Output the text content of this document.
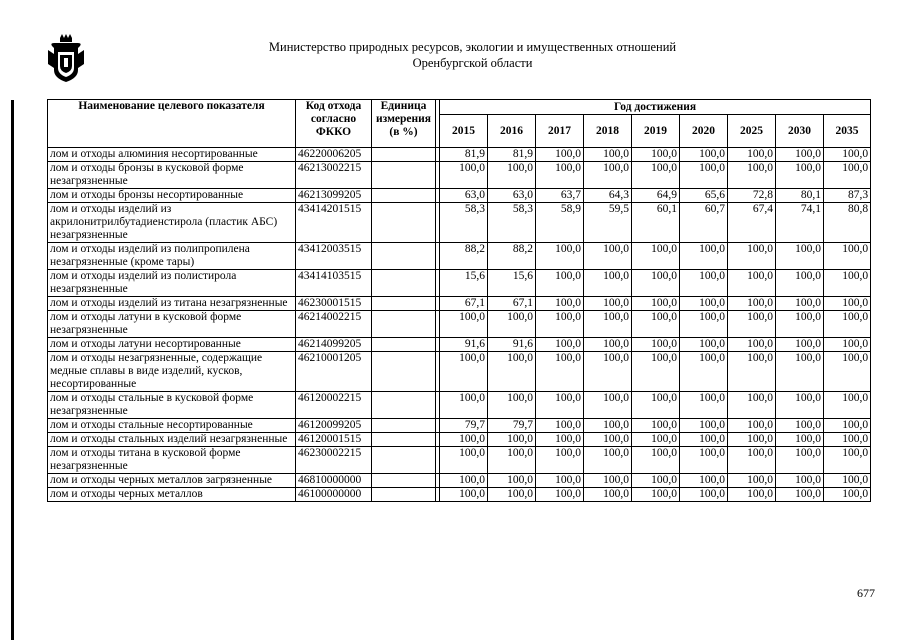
Министерство природных ресурсов, экологии и имущественных отношений
Оренбургской области
Наименование целевого показателя	Код отхода согласно ФККО	Единица измерения (в %)		Год достижения								
				2015	2016	2017	2018	2019	2020	2025	2030	2035
лом и отходы алюминия несортированные	46220006205			81,9	81,9	100,0	100,0	100,0	100,0	100,0	100,0	100,0
лом и отходы бронзы в кусковой форме незагрязненные	46213002215			100,0	100,0	100,0	100,0	100,0	100,0	100,0	100,0	100,0
лом и отходы бронзы несортированные	46213099205			63,0	63,0	63,7	64,3	64,9	65,6	72,8	80,1	87,3
лом и отходы изделий из акрилонитрилбутадиенстирола (пластик АБС) незагрязненные	43414201515			58,3	58,3	58,9	59,5	60,1	60,7	67,4	74,1	80,8
лом и отходы изделий из полипропилена незагрязненные (кроме тары)	43412003515			88,2	88,2	100,0	100,0	100,0	100,0	100,0	100,0	100,0
лом и отходы изделий из полистирола незагрязненные	43414103515			15,6	15,6	100,0	100,0	100,0	100,0	100,0	100,0	100,0
лом и отходы изделий из титана незагрязненные	46230001515			67,1	67,1	100,0	100,0	100,0	100,0	100,0	100,0	100,0
лом и отходы латуни в кусковой форме незагрязненные	46214002215			100,0	100,0	100,0	100,0	100,0	100,0	100,0	100,0	100,0
лом и отходы латуни несортированные	46214099205			91,6	91,6	100,0	100,0	100,0	100,0	100,0	100,0	100,0
лом и отходы незагрязненные, содержащие медные сплавы в виде изделий, кусков, несортированные	46210001205			100,0	100,0	100,0	100,0	100,0	100,0	100,0	100,0	100,0
лом и отходы стальные в кусковой форме незагрязненные	46120002215			100,0	100,0	100,0	100,0	100,0	100,0	100,0	100,0	100,0
лом и отходы стальные несортированные	46120099205			79,7	79,7	100,0	100,0	100,0	100,0	100,0	100,0	100,0
лом и отходы стальных изделий незагрязненные	46120001515			100,0	100,0	100,0	100,0	100,0	100,0	100,0	100,0	100,0
лом и отходы титана в кусковой форме незагрязненные	46230002215			100,0	100,0	100,0	100,0	100,0	100,0	100,0	100,0	100,0
лом и отходы черных металлов загрязненные	46810000000			100,0	100,0	100,0	100,0	100,0	100,0	100,0	100,0	100,0
лом и отходы черных металлов	46100000000			100,0	100,0	100,0	100,0	100,0	100,0	100,0	100,0	100,0
677
